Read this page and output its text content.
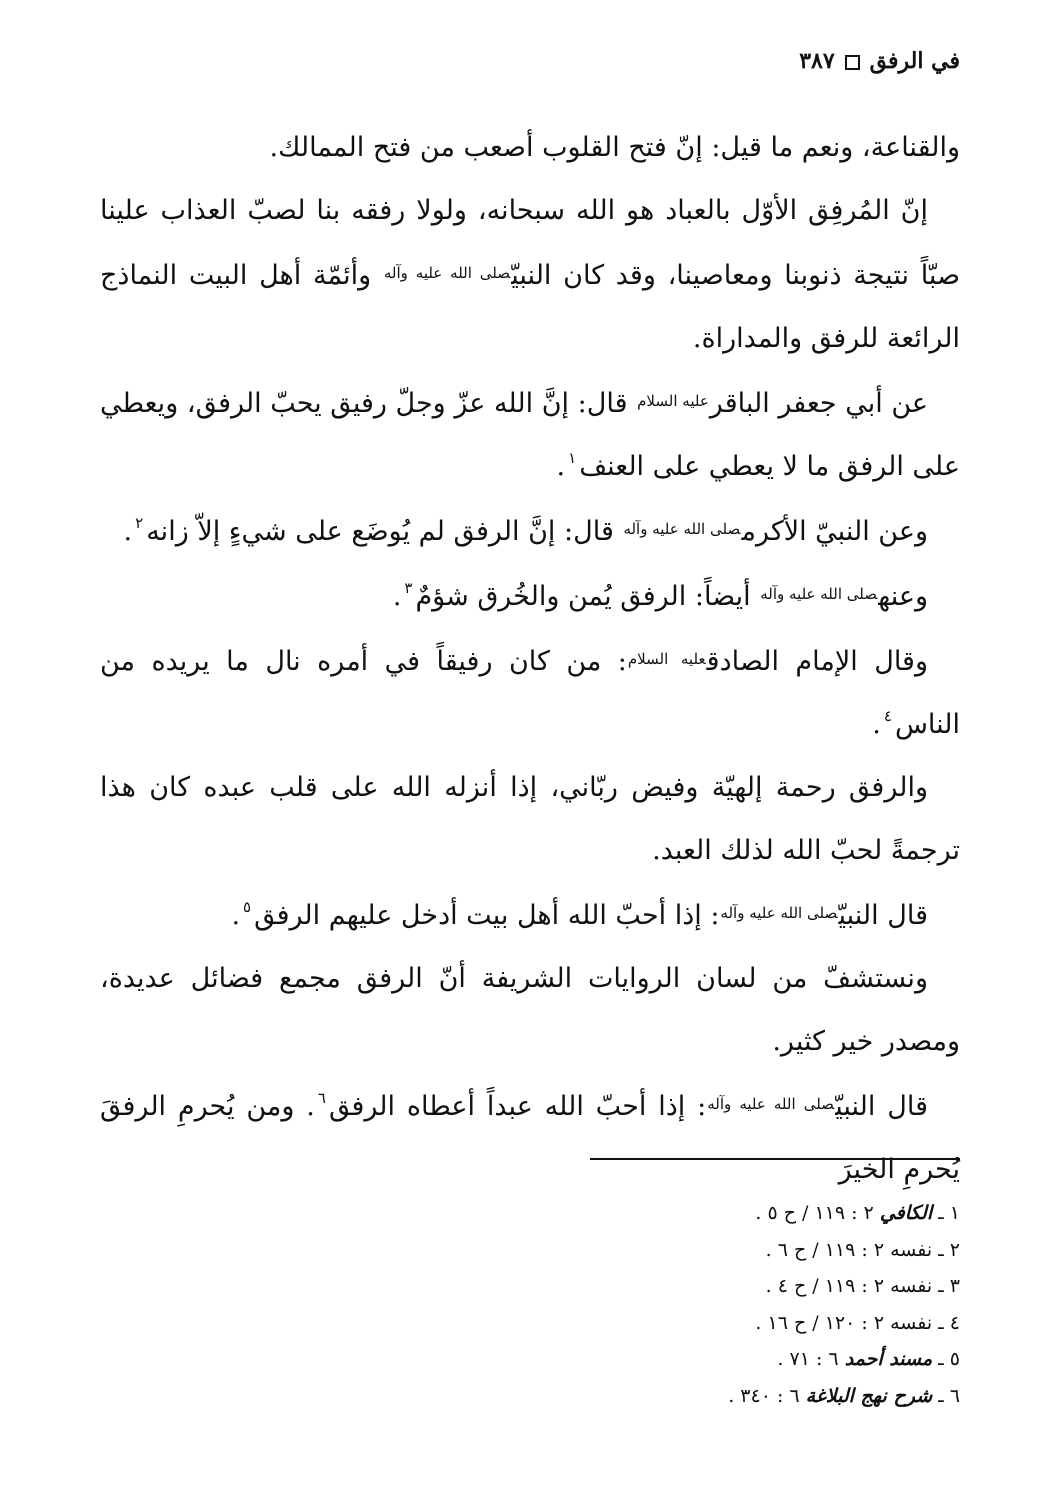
في الرفق٣٨٧

والقناعة، ونعم ما قيل: إنّ فتح القلوب أصعب من فتح الممالك.

إنّ المُرفِق الأوّل بالعباد هو الله سبحانه، ولولا رفقه بنا لصبّ العذاب علينا صبّاً نتيجة ذنوبنا ومعاصينا، وقد كان النبيّ$^{صلى الله عليه وآله}$ وأئمّة أهل البيت النماذج الرائعة للرفق والمداراة.

عن أبي جعفر الباقر$^{عليه السلام}$ قال: إنَّ الله عزّ وجلّ رفيق يحبّ الرفق، ويعطي على الرفق ما لا يعطي على العنف$^١$.

وعن النبيّ الأكرم$^{صلى الله عليه وآله}$ قال: إنَّ الرفق لم يُوضَع على شيءٍ إلاّ زانه$^٢$.

وعنه$^{صلى الله عليه وآله}$ أيضاً: الرفق يُمن والخُرق شؤمٌ$^٣$.

وقال الإمام الصادق$^{عليه السلام}$: من كان رفيقاً في أمره نال ما يريده من الناس$^٤$.

والرفق رحمة إلهيّة وفيض ربّاني، إذا أنزله الله على قلب عبده كان هذا ترجمةً لحبّ الله لذلك العبد.

قال النبيّ$^{صلى الله عليه وآله}$: إذا أحبّ الله أهل بيت أدخل عليهم الرفق$^٥$.

ونستشفّ من لسان الروايات الشريفة أنّ الرفق مجمع فضائل عديدة، ومصدر خير كثير.

قال النبيّ$^{صلى الله عليه وآله}$: إذا أحبّ الله عبداً أعطاه الرفق$^٦$. ومن يُحرمِ الرفقَ يُحرمِ الخيرَ

١ ـ الكافي ٢ : ١١٩ / ح ٥ .
٢ ـ نفسه ٢ : ١١٩ / ح ٦ .
٣ ـ نفسه ٢ : ١١٩ / ح ٤ .
٤ ـ نفسه ٢ : ١٢٠ / ح ١٦ .
٥ ـ مسند أحمد ٦ : ٧١ .
٦ ـ شرح نهج البلاغة ٦ : ٣٤٠ .
